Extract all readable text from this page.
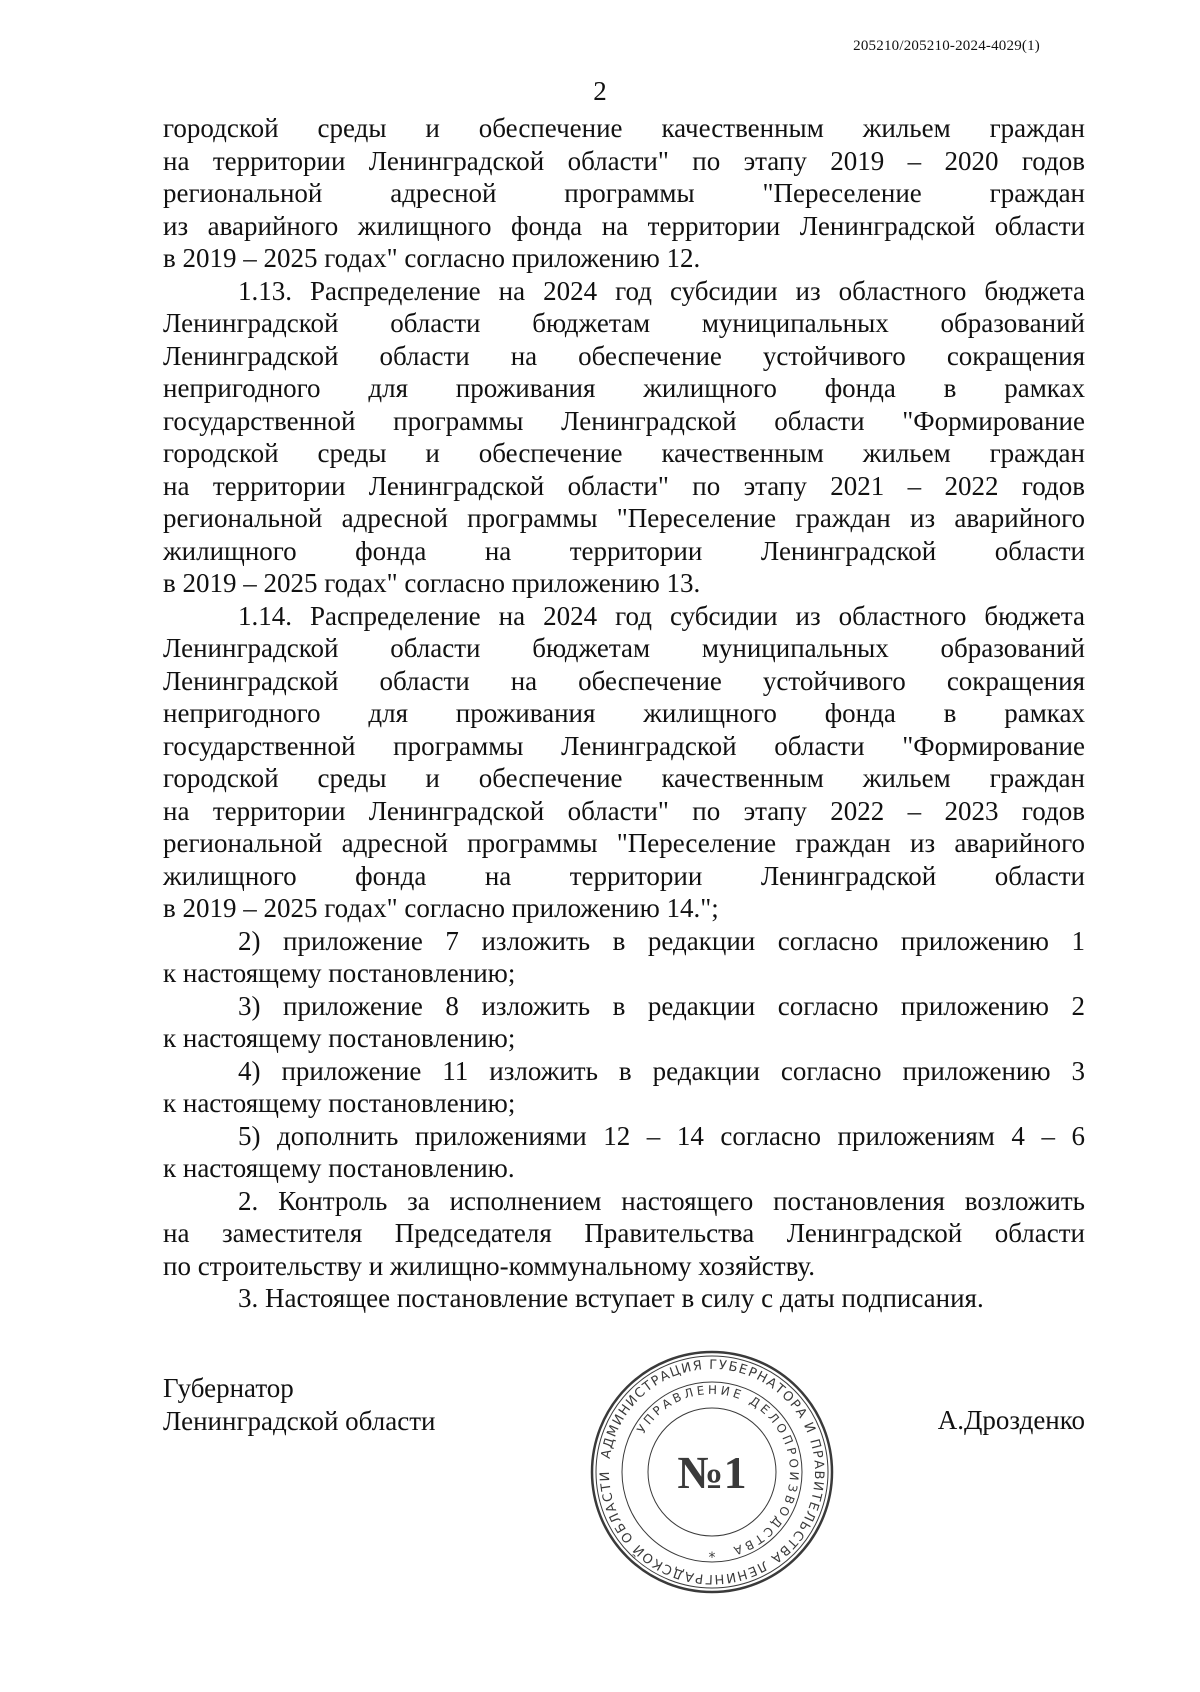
205210/205210-2024-4029(1)
2

городской среды и обеспечение качественным жильем граждан
на территории Ленинградской области" по этапу 2019 – 2020 годов
региональной адресной программы "Переселение граждан
из аварийного жилищного фонда на территории Ленинградской области
в 2019 – 2025 годах" согласно приложению 12.

1.13. Распределение на 2024 год субсидии из областного бюджета
Ленинградской области бюджетам муниципальных образований
Ленинградской области на обеспечение устойчивого сокращения
непригодного для проживания жилищного фонда в рамках
государственной программы Ленинградской области "Формирование
городской среды и обеспечение качественным жильем граждан
на территории Ленинградской области" по этапу 2021 – 2022 годов
региональной адресной программы "Переселение граждан из аварийного
жилищного фонда на территории Ленинградской области
в 2019 – 2025 годах" согласно приложению 13.

1.14. Распределение на 2024 год субсидии из областного бюджета
Ленинградской области бюджетам муниципальных образований
Ленинградской области на обеспечение устойчивого сокращения
непригодного для проживания жилищного фонда в рамках
государственной программы Ленинградской области "Формирование
городской среды и обеспечение качественным жильем граждан
на территории Ленинградской области" по этапу 2022 – 2023 годов
региональной адресной программы "Переселение граждан из аварийного
жилищного фонда на территории Ленинградской области
в 2019 – 2025 годах" согласно приложению 14.";

2) приложение 7 изложить в редакции согласно приложению 1
к настоящему постановлению;

3) приложение 8 изложить в редакции согласно приложению 2
к настоящему постановлению;

4) приложение 11 изложить в редакции согласно приложению 3
к настоящему постановлению;

5) дополнить приложениями 12 – 14 согласно приложениям 4 – 6
к настоящему постановлению.

2. Контроль за исполнением настоящего постановления возложить
на заместителя Председателя Правительства Ленинградской области
по строительству и жилищно-коммунальному хозяйству.

3. Настоящее постановление вступает в силу с даты подписания.

Губернатор
Ленинградской области	А.Дрозденко
АДМИНИСТРАЦИЯ ГУБЕРНАТОРА И ПРАВИТЕЛЬСТВА ЛЕНИНГРАДСКОЙ ОБЛАСТИ
УПРАВЛЕНИЕ ДЕЛОПРОИЗВОДСТВА
№1
*
